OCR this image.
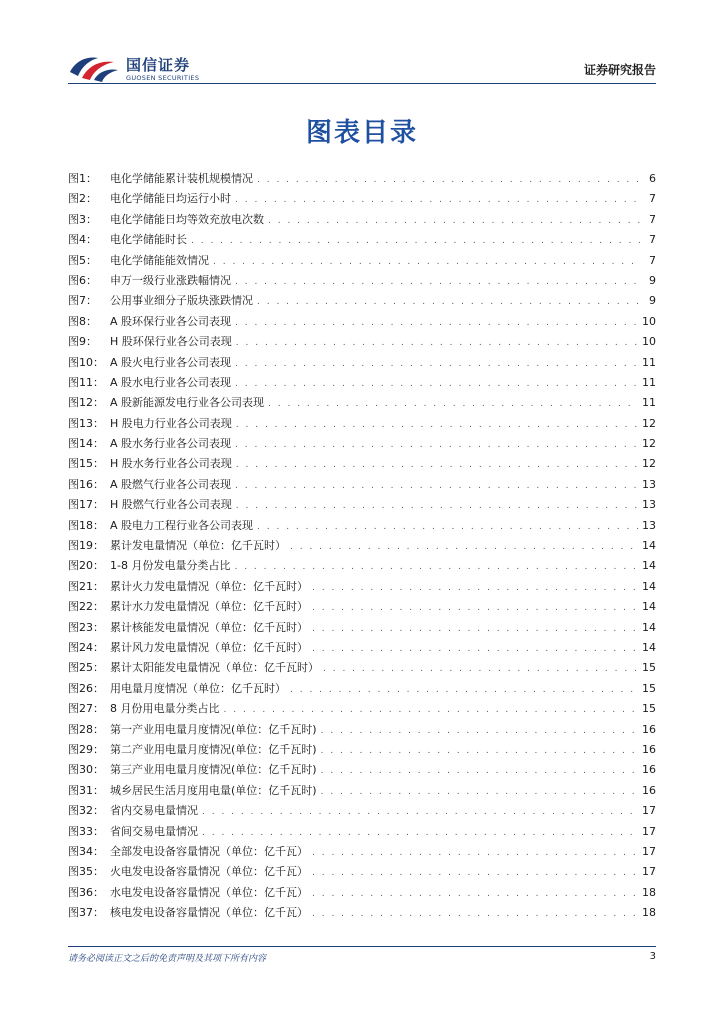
国信证券
GUOSEN SECURITIES
证券研究报告
图表目录
图1：	电化学储能累计装机规模情况 . . .	6
图2：	电化学储能日均运行小时 . . .	7
图3：	电化学储能日均等效充放电次数 . . .	7
图4：	电化学储能时长 . . .	7
图5：	电化学储能能效情况 . . .	7
图6：	申万一级行业涨跌幅情况 . . .	9
图7：	公用事业细分子版块涨跌情况 . . .	9
图8：	A 股环保行业各公司表现 . . .	10
图9：	H 股环保行业各公司表现 . . .	10
图10： A 股火电行业各公司表现 . . .	11
图11： A 股水电行业各公司表现 . . .	11
图12： A 股新能源发电行业各公司表现 . . .	11
图13： H 股电力行业各公司表现 . . .	12
图14： A 股水务行业各公司表现 . . .	12
图15： H 股水务行业各公司表现 . . .	12
图16： A 股燃气行业各公司表现 . . .	13
图17： H 股燃气行业各公司表现 . . .	13
图18： A 股电力工程行业各公司表现 . . .	13
图19： 累计发电量情况（单位：亿千瓦时） . . .	14
图20： 1-8 月份发电量分类占比 . . .	14
图21： 累计火力发电量情况（单位：亿千瓦时） . . .	14
图22： 累计水力发电量情况（单位：亿千瓦时） . . .	14
图23： 累计核能发电量情况（单位：亿千瓦时） . . .	14
图24： 累计风力发电量情况（单位：亿千瓦时） . . .	14
图25： 累计太阳能发电量情况（单位：亿千瓦时） . . .	15
图26： 用电量月度情况（单位：亿千瓦时） . . .	15
图27： 8 月份用电量分类占比 . . .	15
图28： 第一产业用电量月度情况(单位：亿千瓦时) . . .	16
图29： 第二产业用电量月度情况(单位：亿千瓦时) . . .	16
图30： 第三产业用电量月度情况(单位：亿千瓦时) . . .	16
图31： 城乡居民生活月度用电量(单位：亿千瓦时) . . .	16
图32： 省内交易电量情况 . . .	17
图33： 省间交易电量情况 . . .	17
图34： 全部发电设备容量情况（单位：亿千瓦） . . .	17
图35： 火电发电设备容量情况（单位：亿千瓦） . . .	17
图36： 水电发电设备容量情况（单位：亿千瓦） . . .	18
图37： 核电发电设备容量情况（单位：亿千瓦） . . .	18
请务必阅读正文之后的免责声明及其项下所有内容	3
